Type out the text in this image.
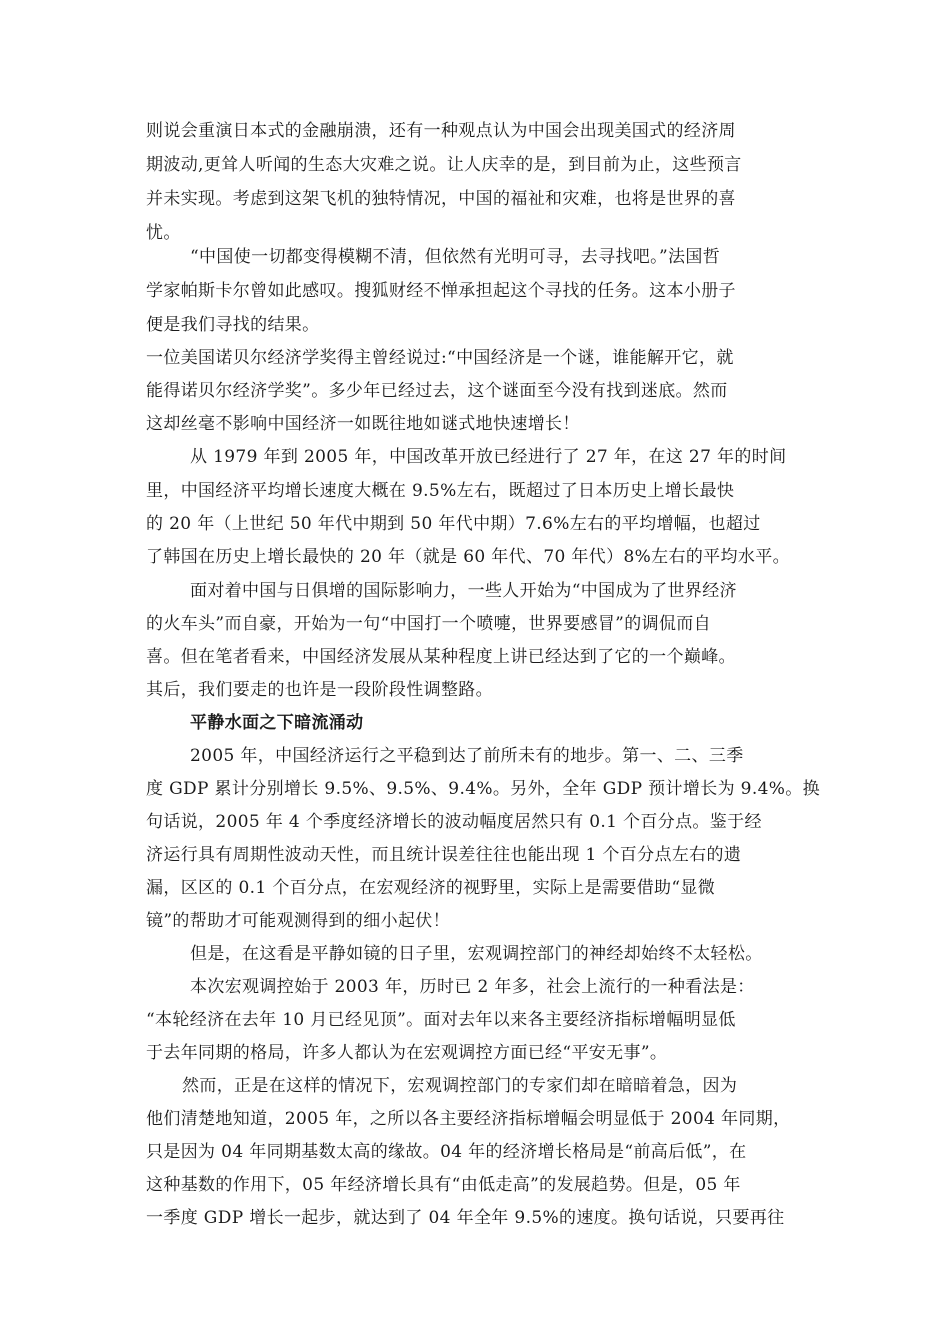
则说会重演日本式的金融崩溃，还有一种观点认为中国会出现美国式的经济周
期波动,更耸人听闻的生态大灾难之说。让人庆幸的是，到目前为止，这些预言
并未实现。考虑到这架飞机的独特情况，中国的福祉和灾难，也将是世界的喜
忧。
“中国使一切都变得模糊不清，但依然有光明可寻，去寻找吧。”法国哲
学家帕斯卡尔曾如此感叹。搜狐财经不惮承担起这个寻找的任务。这本小册子
便是我们寻找的结果。
一位美国诺贝尔经济学奖得主曾经说过:“中国经济是一个谜，谁能解开它，就
能得诺贝尔经济学奖”。多少年已经过去，这个谜面至今没有找到迷底。然而
这却丝毫不影响中国经济一如既往地如谜式地快速增长！
从 1979 年到 2005 年，中国改革开放已经进行了 27 年，在这 27 年的时间
里，中国经济平均增长速度大概在 9.5%左右，既超过了日本历史上增长最快
的 20 年（上世纪 50 年代中期到 50 年代中期）7.6%左右的平均增幅，也超过
了韩国在历史上增长最快的 20 年（就是 60 年代、70 年代）8%左右的平均水平。
面对着中国与日俱增的国际影响力，一些人开始为“中国成为了世界经济
的火车头”而自豪，开始为一句“中国打一个喷嚏，世界要感冒”的调侃而自
喜。但在笔者看来，中国经济发展从某种程度上讲已经达到了它的一个巅峰。
其后，我们要走的也许是一段阶段性调整路。
平静水面之下暗流涌动
2005 年，中国经济运行之平稳到达了前所未有的地步。第一、二、三季
度 GDP 累计分别增长 9.5%、9.5%、9.4%。另外，全年 GDP 预计增长为 9.4%。换
句话说，2005 年 4 个季度经济增长的波动幅度居然只有 0.1 个百分点。鉴于经
济运行具有周期性波动天性，而且统计误差往往也能出现 1 个百分点左右的遗
漏，区区的 0.1 个百分点，在宏观经济的视野里，实际上是需要借助“显微
镜”的帮助才可能观测得到的细小起伏！
但是，在这看是平静如镜的日子里，宏观调控部门的神经却始终不太轻松。
本次宏观调控始于 2003 年，历时已 2 年多，社会上流行的一种看法是：
“本轮经济在去年 10 月已经见顶”。面对去年以来各主要经济指标增幅明显低
于去年同期的格局，许多人都认为在宏观调控方面已经“平安无事”。
然而，正是在这样的情况下，宏观调控部门的专家们却在暗暗着急，因为
他们清楚地知道，2005 年，之所以各主要经济指标增幅会明显低于 2004 年同期，
只是因为 04 年同期基数太高的缘故。04 年的经济增长格局是“前高后低”，在
这种基数的作用下，05 年经济增长具有“由低走高”的发展趋势。但是，05 年
一季度 GDP 增长一起步，就达到了 04 年全年 9.5%的速度。换句话说，只要再往
